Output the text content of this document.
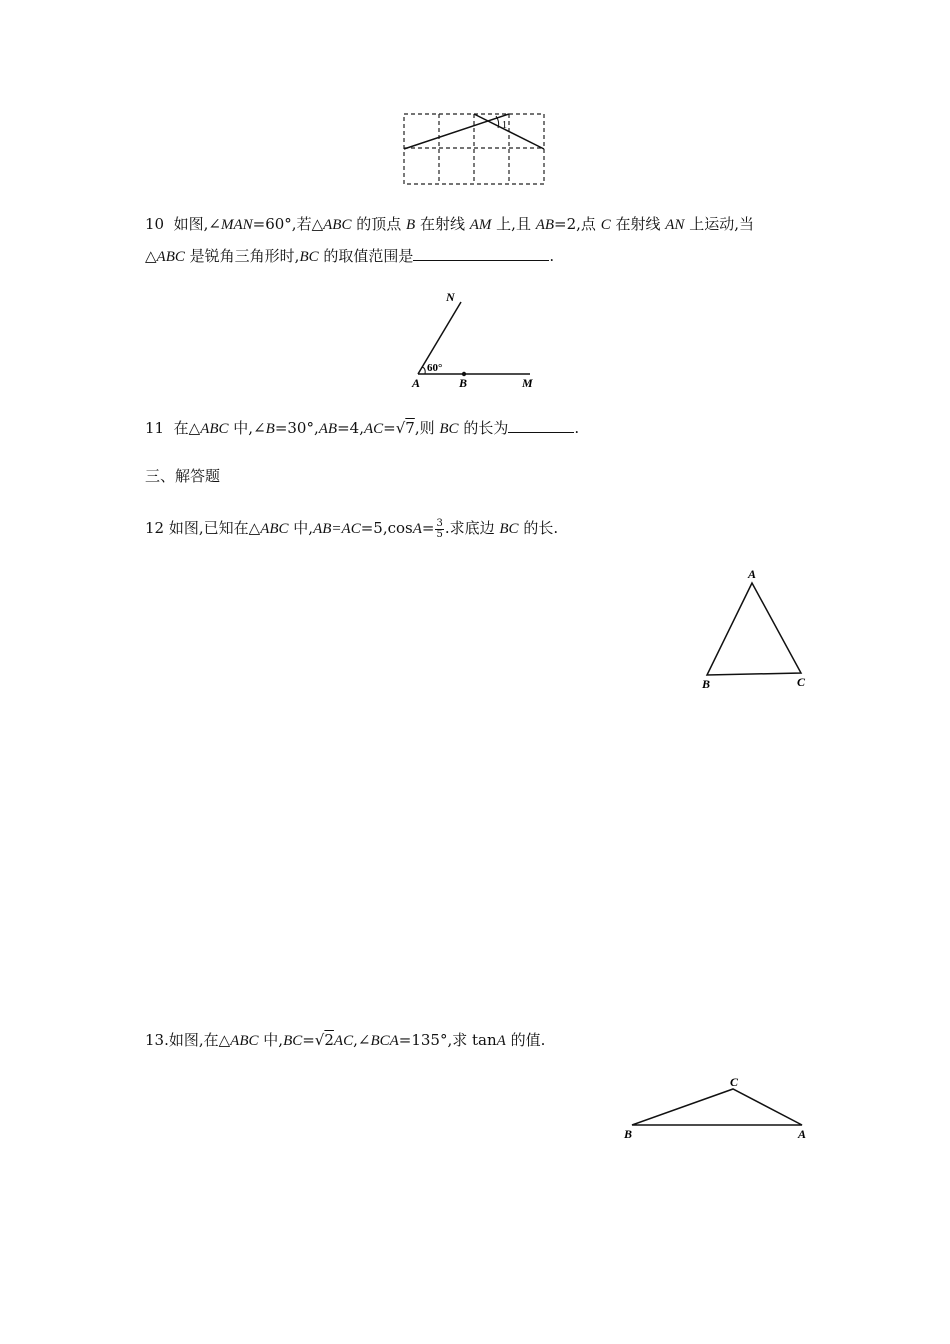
1
10 如图,∠MAN=60°,若△ABC 的顶点 B 在射线 AM 上,且 AB=2,点 C 在射线 AN 上运动,当
△ABC 是锐角三角形时,BC 的取值范围是	.
N
60°
A	B	M
11 在△ABC 中,∠B=30°,AB=4,AC=√7,则 BC 的长为	.
三、解答题
12 如图,已知在△ABC 中$,AB=AC=5,\cos A= \frac{3}{5}$ .求底边 BC 的长.
A
B	C
13.如图,在△ABC 中,BC=√2AC,∠BCA=135°,求 tanA 的值.
C
B	A
